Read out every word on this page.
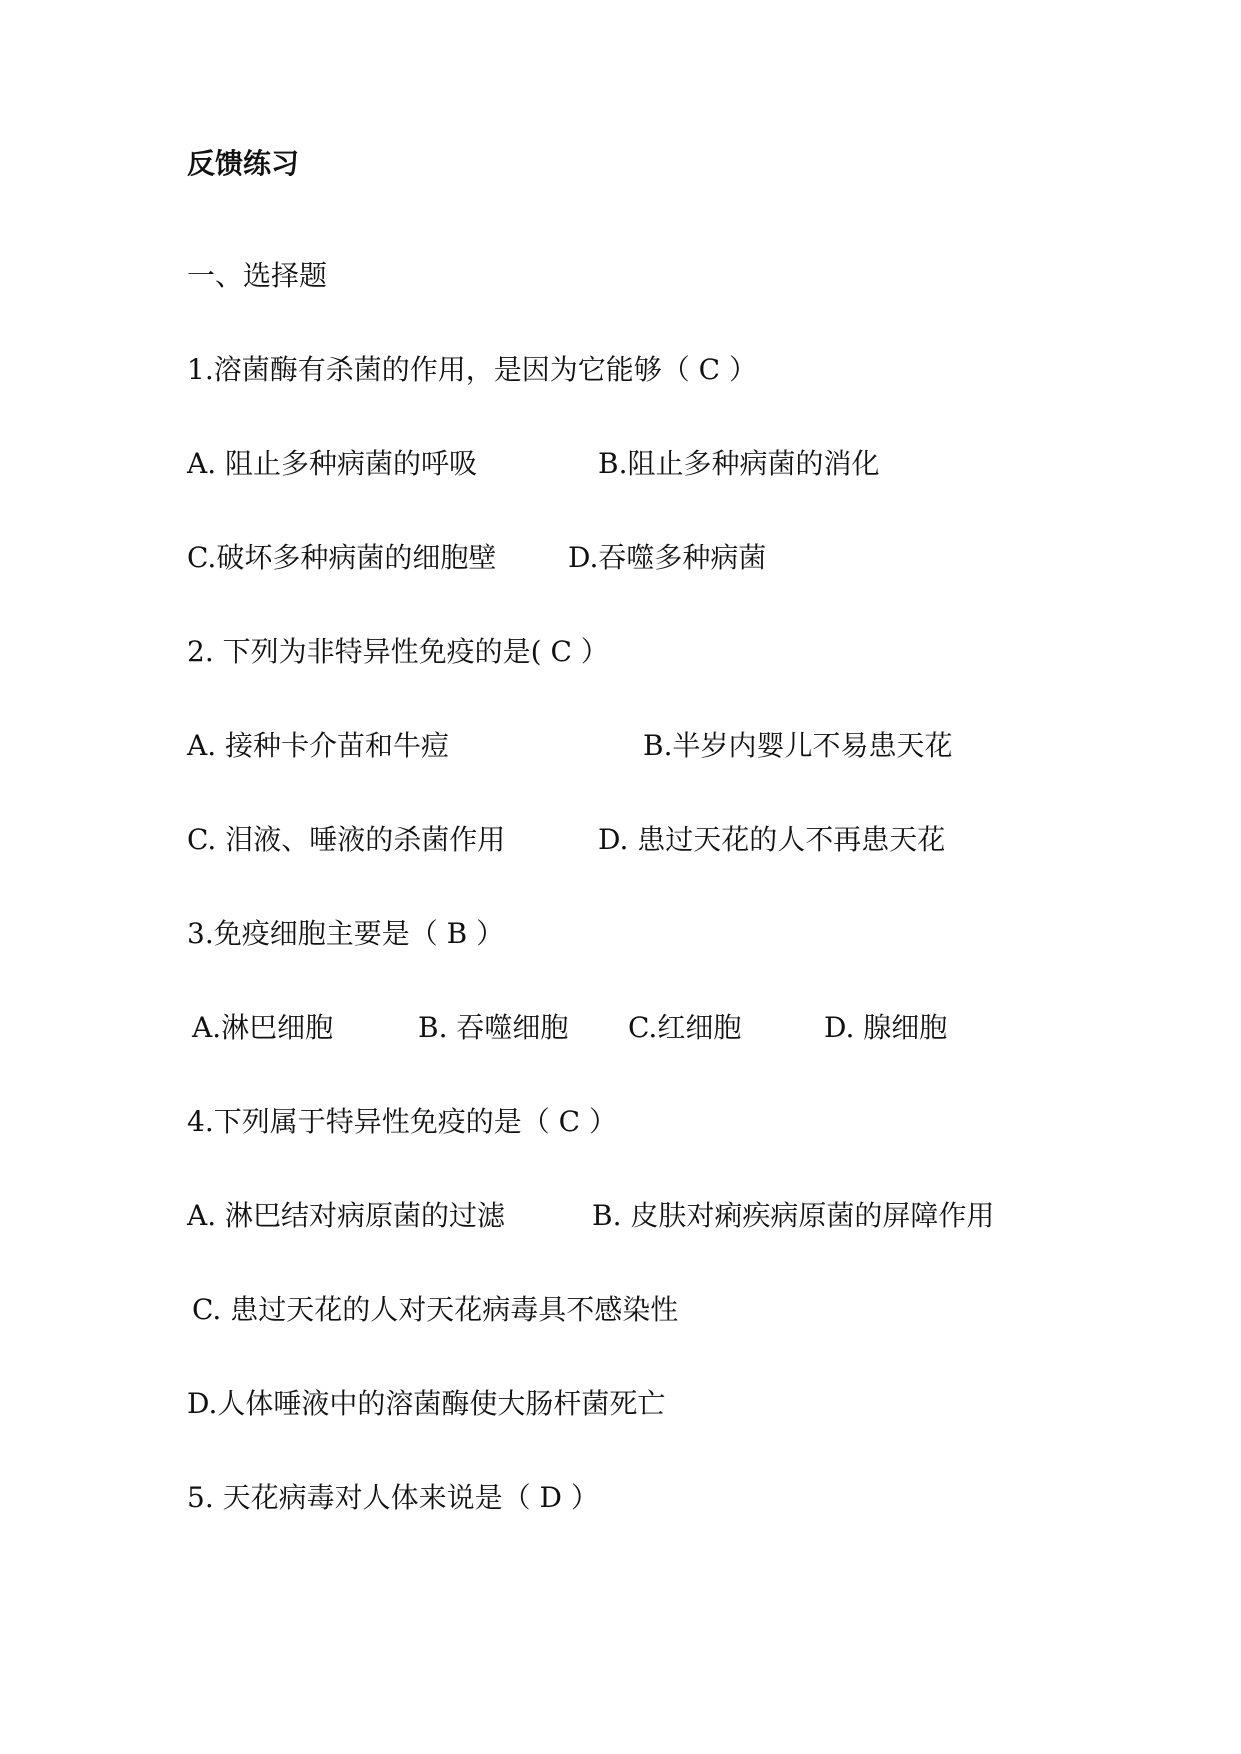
反馈练习
一、选择题
1.溶菌酶有杀菌的作用，是因为它能够（ C ）
A. 阻止多种病菌的呼吸	B.阻止多种病菌的消化
C.破坏多种病菌的细胞壁	D.吞噬多种病菌
2. 下列为非特异性免疫的是( C ）
A. 接种卡介苗和牛痘	B.半岁内婴儿不易患天花
C. 泪液、唾液的杀菌作用	D. 患过天花的人不再患天花
3.免疫细胞主要是（ B ）
A.淋巴细胞	B. 吞噬细胞 C.红细胞	D. 腺细胞
4.下列属于特异性免疫的是（ C ）
A. 淋巴结对病原菌的过滤	B. 皮肤对痢疾病原菌的屏障作用
C. 患过天花的人对天花病毒具不感染性
D.人体唾液中的溶菌酶使大肠杆菌死亡
5. 天花病毒对人体来说是（ D ）
